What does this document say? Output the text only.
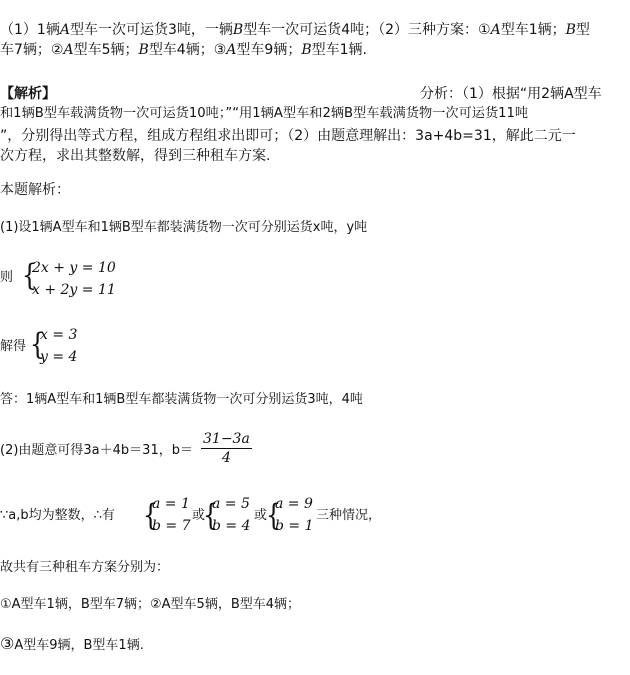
（1）1辆A型车一次可运货3吨，一辆B型车一次可运货4吨；（2）三种方案：①A型车1辆；B型
车7辆；②A型车5辆；B型车4辆；③A型车9辆；B型车1辆.
【解析】	分析：（1）根据“用2辆A型车
和1辆B型车载满货物一次可运货10吨；”“用1辆A型车和2辆B型车载满货物一次可运货11吨
”，分别得出等式方程，组成方程组求出即可；（2）由题意理解出：3a+4b=31，解此二元一
次方程，求出其整数解，得到三种租车方案.
本题解析：
(1)设1辆A型车和1辆B型车都装满货物一次可分别运货x吨，y吨
则 {
2x + y = 10
x + 2y = 11
解得 {
x = 3
y = 4
答：1辆A型车和1辆B型车都装满货物一次可分别运货3吨，4吨
(2)由题意可得3a＋4b＝31，$b= \frac{31-3a}{4}$
∵a,b均为整数，∴有 {
a = 1
b = 7
或
{
a = 5
b = 4
或
{
a = 9
b = 1
三种情况，
故共有三种租车方案分别为：
①A型车1辆，B型车7辆；②A型车5辆，B型车4辆；
③A型车9辆，B型车1辆.
